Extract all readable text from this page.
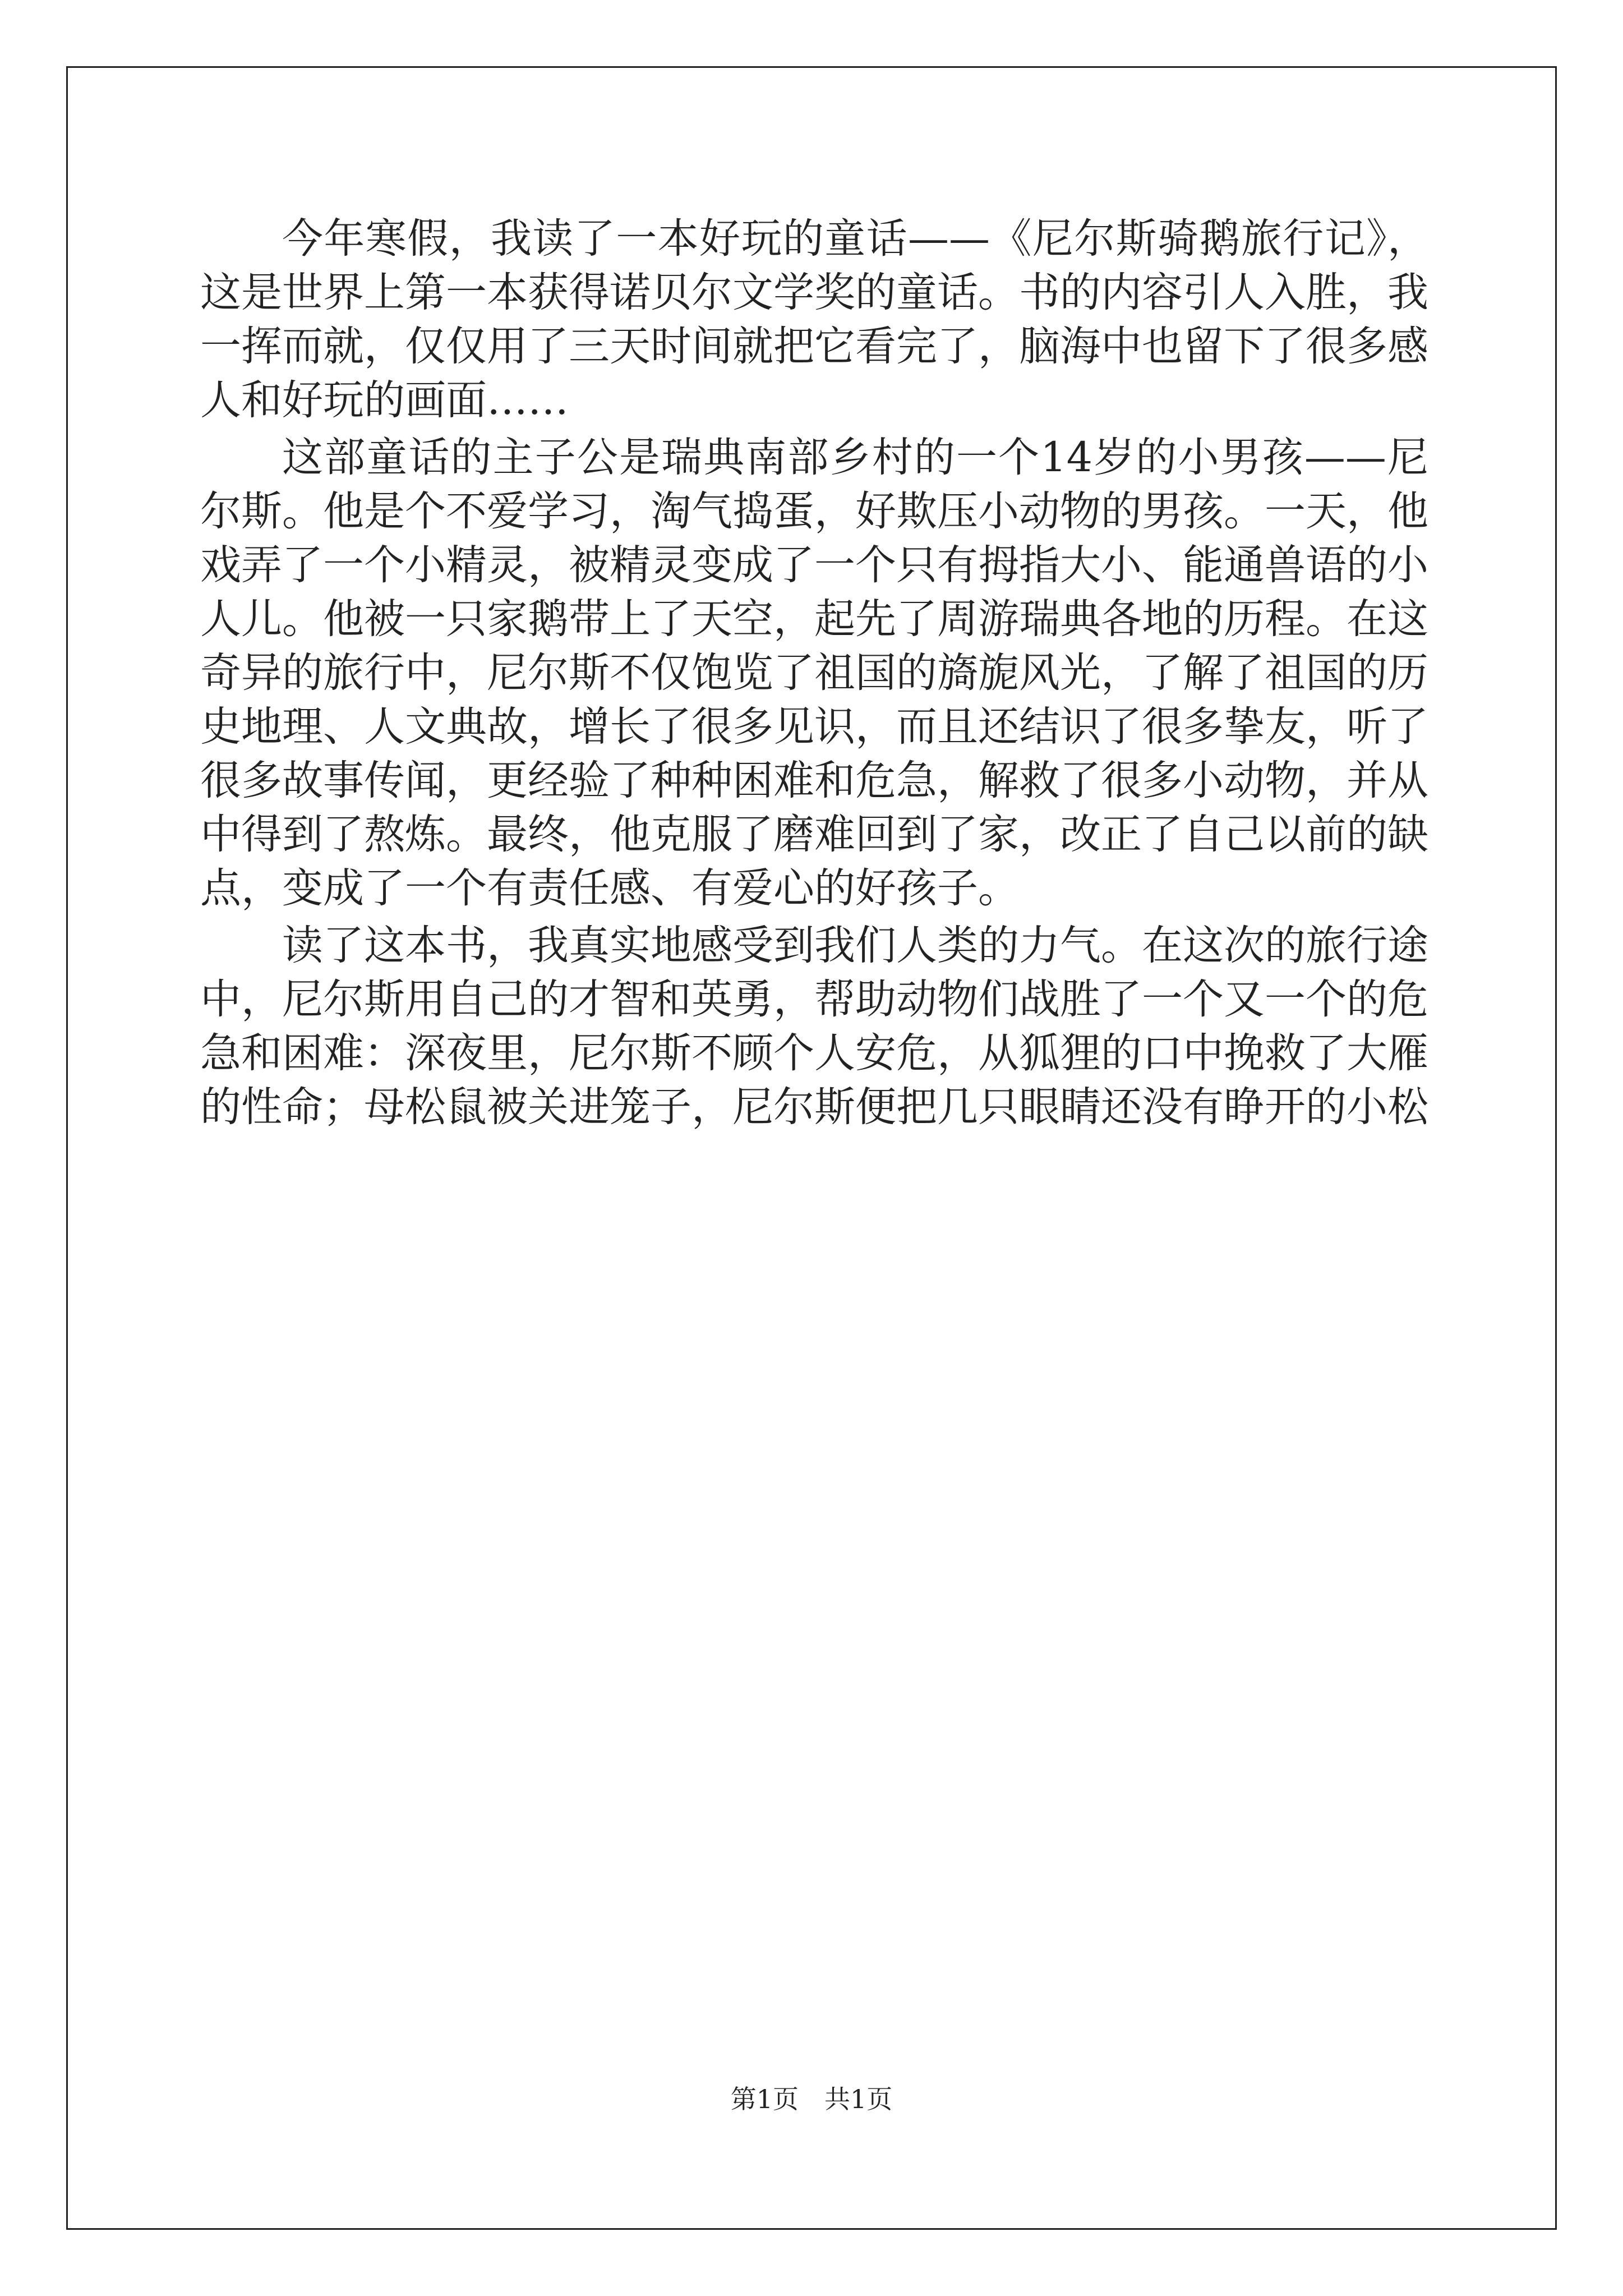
今年寒假，我读了一本好玩的童话——《尼尔斯骑鹅旅行记》，这是世界上第一本获得诺贝尔文学奖的童话。书的内容引人入胜，我一挥而就，仅仅用了三天时间就把它看完了，脑海中也留下了很多感人和好玩的画面……

这部童话的主子公是瑞典南部乡村的一个14岁的小男孩——尼尔斯。他是个不爱学习，淘气捣蛋，好欺压小动物的男孩。一天，他戏弄了一个小精灵，被精灵变成了一个只有拇指大小、能通兽语的小人儿。他被一只家鹅带上了天空，起先了周游瑞典各地的历程。在这奇异的旅行中，尼尔斯不仅饱览了祖国的旖旎风光，了解了祖国的历史地理、人文典故，增长了很多见识，而且还结识了很多挚友，听了很多故事传闻，更经验了种种困难和危急，解救了很多小动物，并从中得到了熬炼。最终，他克服了磨难回到了家，改正了自己以前的缺点，变成了一个有责任感、有爱心的好孩子。

读了这本书，我真实地感受到我们人类的力气。在这次的旅行途中，尼尔斯用自己的才智和英勇，帮助动物们战胜了一个又一个的危急和困难：深夜里，尼尔斯不顾个人安危，从狐狸的口中挽救了大雁的性命；母松鼠被关进笼子，尼尔斯便把几只眼睛还没有睁开的小松

第1页 共1页
